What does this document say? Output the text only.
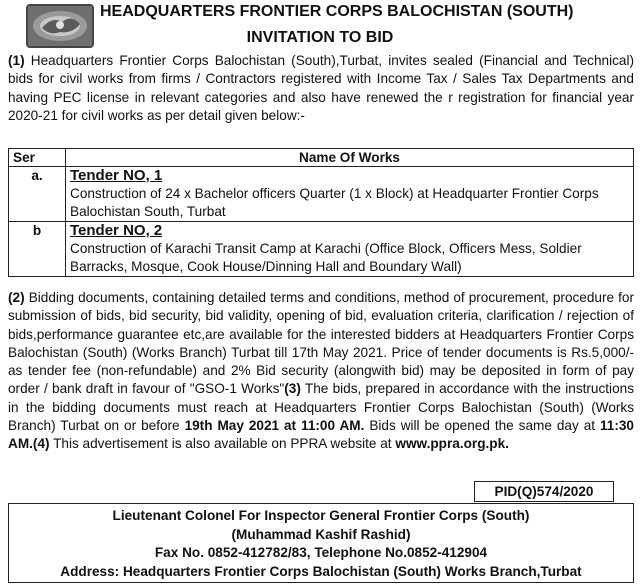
HEADQUARTERS FRONTIER CORPS BALOCHISTAN (SOUTH)
INVITATION TO BID
(1) Headquarters Frontier Corps Balochistan (South),Turbat, invites sealed (Financial and Technical) bids for civil works from firms / Contractors registered with Income Tax / Sales Tax Departments and having PEC license in relevant categories and also have renewed the r registration for financial year 2020-21 for civil works as per detail given below:-
Ser	Name Of Works
a.	Tender NO, 1
Construction of 24 x Bachelor officers Quarter (1 x Block) at Headquarter Frontier Corps Balochistan South, Turbat

b	Tender NO, 2
Construction of Karachi Transit Camp at Karachi (Office Block, Officers Mess, Soldier Barracks, Mosque, Cook House/Dinning Hall and Boundary Wall)
(2) Bidding documents, containing detailed terms and conditions, method of procurement, procedure for submission of bids, bid security, bid validity, opening of bid, evaluation criteria, clarification / rejection of bids,performance guarantee etc,are available for the interested bidders at Headquarters Frontier Corps Balochistan (South) (Works Branch) Turbat till 17th May 2021. Price of tender documents is Rs.5,000/- as tender fee (non-refundable) and 2% Bid security (alongwith bid) may be deposited in form of pay order / bank draft in favour of "GSO-1 Works"(3) The bids, prepared in accordance with the instructions in the bidding documents must reach at Headquarters Frontier Corps Balochistan (South) (Works Branch) Turbat on or before 19th May 2021 at 11:00 AM. Bids will be opened the same day at 11:30 AM.(4) This advertisement is also available on PPRA website at www.ppra.org.pk.
PID(Q)574/2020
Lieutenant Colonel For Inspector General Frontier Corps (South)
(Muhammad Kashif Rashid)
Fax No. 0852-412782/83, Telephone No.0852-412904
Address: Headquarters Frontier Corps Balochistan (South) Works Branch,Turbat
